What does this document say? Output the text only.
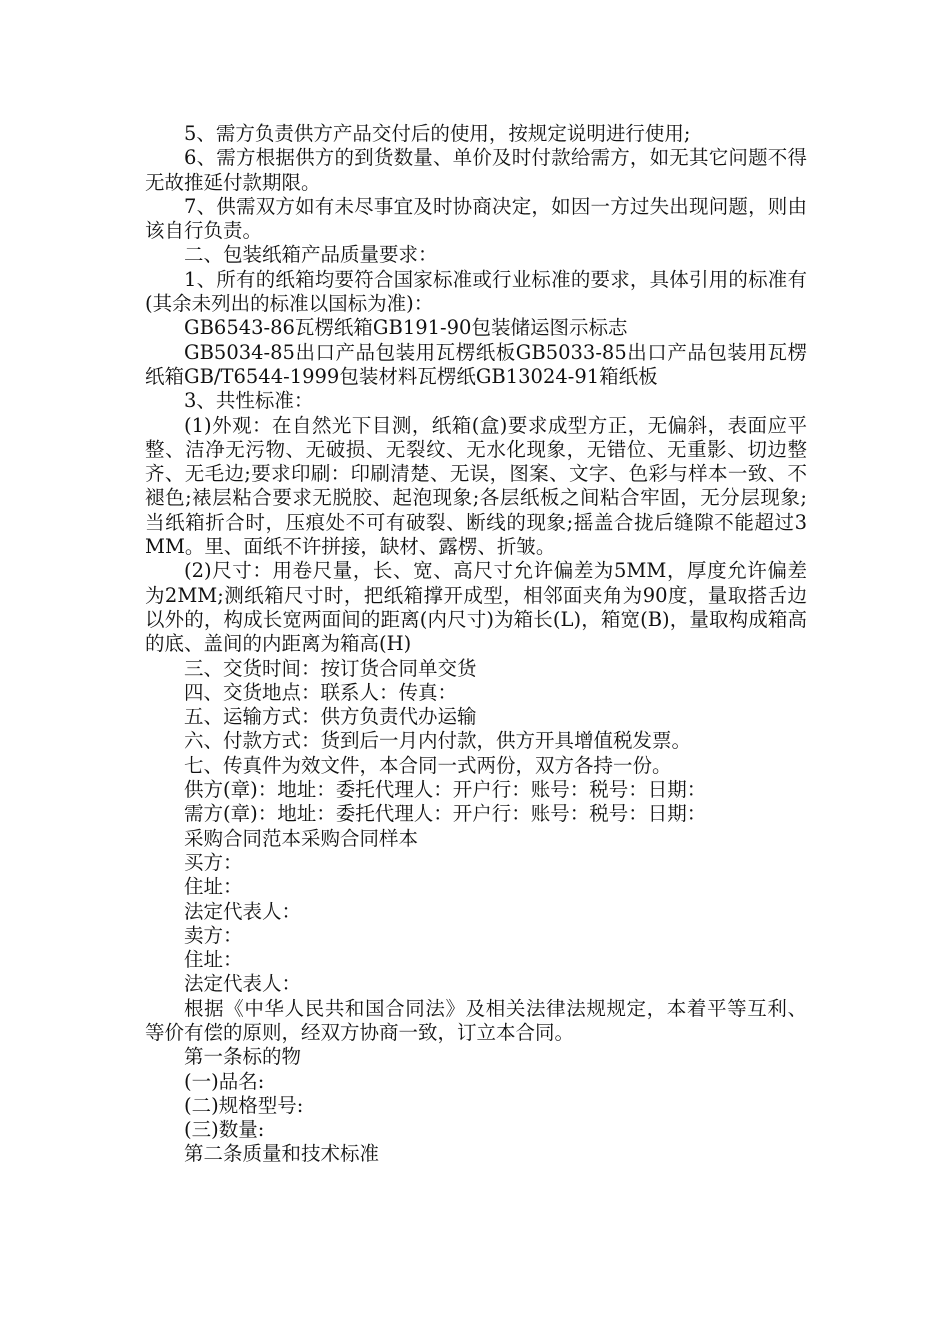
5、需方负责供方产品交付后的使用，按规定说明进行使用;

6、需方根据供方的到货数量、单价及时付款给需方，如无其它问题不得无故推延付款期限。

7、供需双方如有未尽事宜及时协商决定，如因一方过失出现问题，则由该自行负责。

二、包装纸箱产品质量要求：

1、所有的纸箱均要符合国家标准或行业标准的要求，具体引用的标准有(其余未列出的标准以国标为准)：

GB6543-86瓦楞纸箱GB191-90包装储运图示标志

GB5034-85出口产品包装用瓦楞纸板GB5033-85出口产品包装用瓦楞纸箱GB/T6544-1999包装材料瓦楞纸GB13024-91箱纸板

3、共性标准：

(1)外观：在自然光下目测，纸箱(盒)要求成型方正，无偏斜，表面应平整、洁净无污物、无破损、无裂纹、无水化现象，无错位、无重影、切边整齐、无毛边;要求印刷：印刷清楚、无误，图案、文字、色彩与样本一致、不褪色;裱层粘合要求无脱胶、起泡现象;各层纸板之间粘合牢固，无分层现象;当纸箱折合时，压痕处不可有破裂、断线的现象;摇盖合拢后缝隙不能超过3MM。里、面纸不许拼接，缺材、露楞、折皱。

(2)尺寸：用卷尺量，长、宽、高尺寸允许偏差为5MM，厚度允许偏差为2MM;测纸箱尺寸时，把纸箱撑开成型，相邻面夹角为90度，量取搭舌边以外的，构成长宽两面间的距离(内尺寸)为箱长(L)，箱宽(B)，量取构成箱高的底、盖间的内距离为箱高(H)

三、交货时间：按订货合同单交货

四、交货地点：联系人：传真：

五、运输方式：供方负责代办运输

六、付款方式：货到后一月内付款，供方开具增值税发票。

七、传真件为效文件，本合同一式两份，双方各持一份。

供方(章)：地址：委托代理人：开户行：账号：税号：日期：

需方(章)：地址：委托代理人：开户行：账号：税号：日期：

采购合同范本采购合同样本

买方：

住址：

法定代表人：

卖方：

住址：

法定代表人：

根据《中华人民共和国合同法》及相关法律法规规定，本着平等互利、等价有偿的原则，经双方协商一致，订立本合同。

第一条标的物

(一)品名:

(二)规格型号:

(三)数量:

第二条质量和技术标准
